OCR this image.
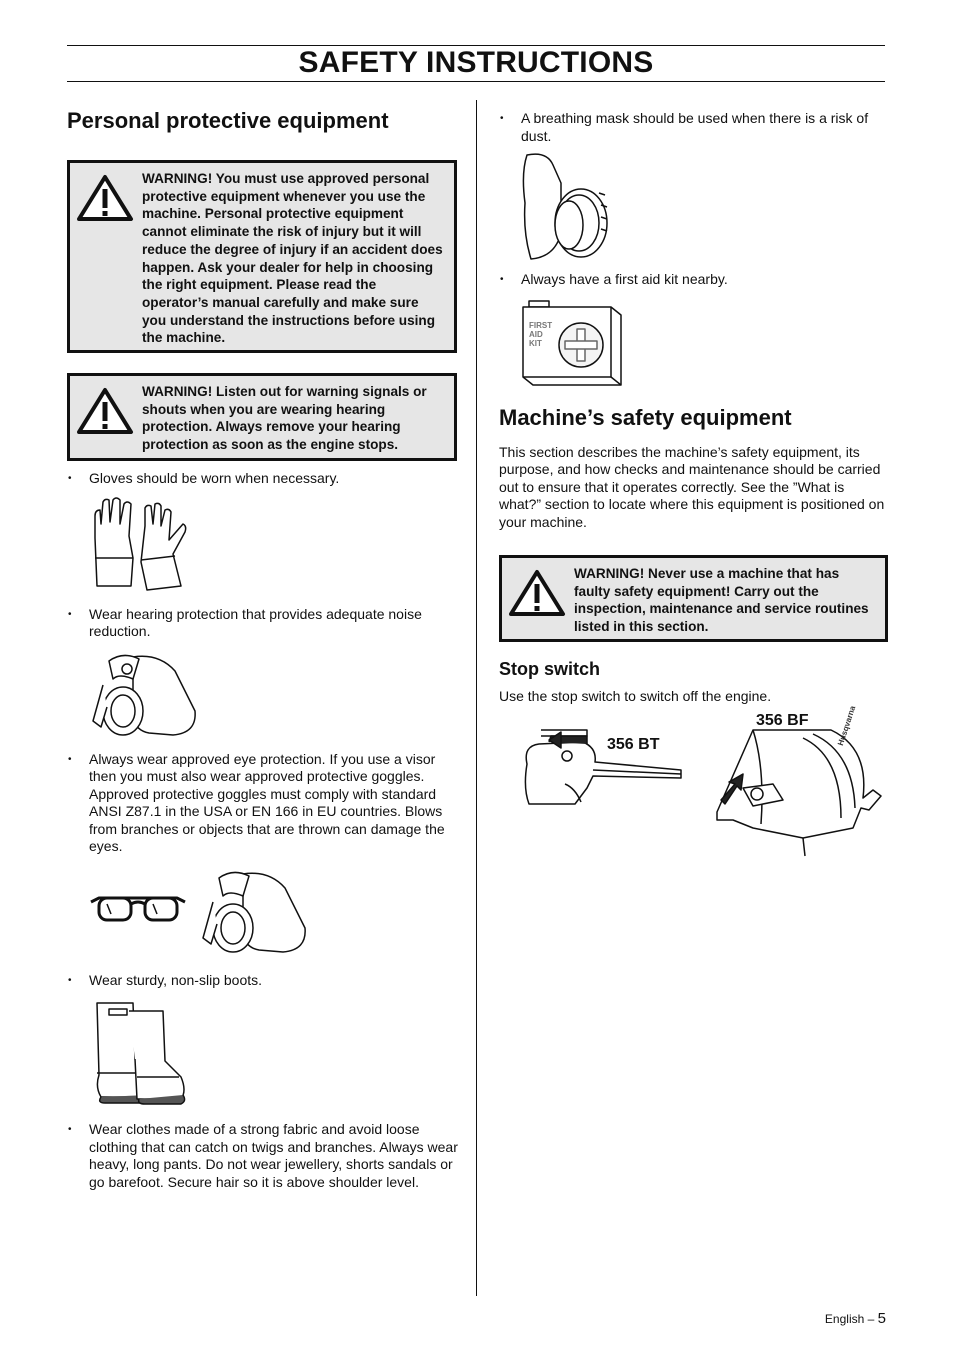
SAFETY INSTRUCTIONS
Personal protective equipment
WARNING! You must use approved personal protective equipment whenever you use the machine. Personal protective equipment cannot eliminate the risk of injury but it will reduce the degree of injury if an accident does happen. Ask your dealer for help in choosing the right equipment. Please read the operator’s manual carefully and make sure you understand the instructions before using the machine.
WARNING! Listen out for warning signals or shouts when you are wearing hearing protection. Always remove your hearing protection as soon as the engine stops.
• Gloves should be worn when necessary.
• Wear hearing protection that provides adequate noise reduction.
• Always wear approved eye protection. If you use a visor then you must also wear approved protective goggles. Approved protective goggles must comply with standard ANSI Z87.1 in the USA or EN 166 in EU countries. Blows from branches or objects that are thrown can damage the eyes.
• Wear sturdy, non-slip boots.
• Wear clothes made of a strong fabric and avoid loose clothing that can catch on twigs and branches. Always wear heavy, long pants. Do not wear jewellery, shorts sandals or go barefoot. Secure hair so it is above shoulder level.
• A breathing mask should be used when there is a risk of dust.
• Always have a first aid kit nearby.
FIRST
AID
KIT
Machine’s safety equipment

This section describes the machine’s safety equipment, its purpose, and how checks and maintenance should be carried out to ensure that it operates correctly. See the ”What is what?” section to locate where this equipment is positioned on your machine.

WARNING! Never use a machine that has faulty safety equipment! Carry out the inspection, maintenance and service routines listed in this section.
Stop switch

Use the stop switch to switch off the engine.

356 BT
356 BF	Husqvarna
English – 5
